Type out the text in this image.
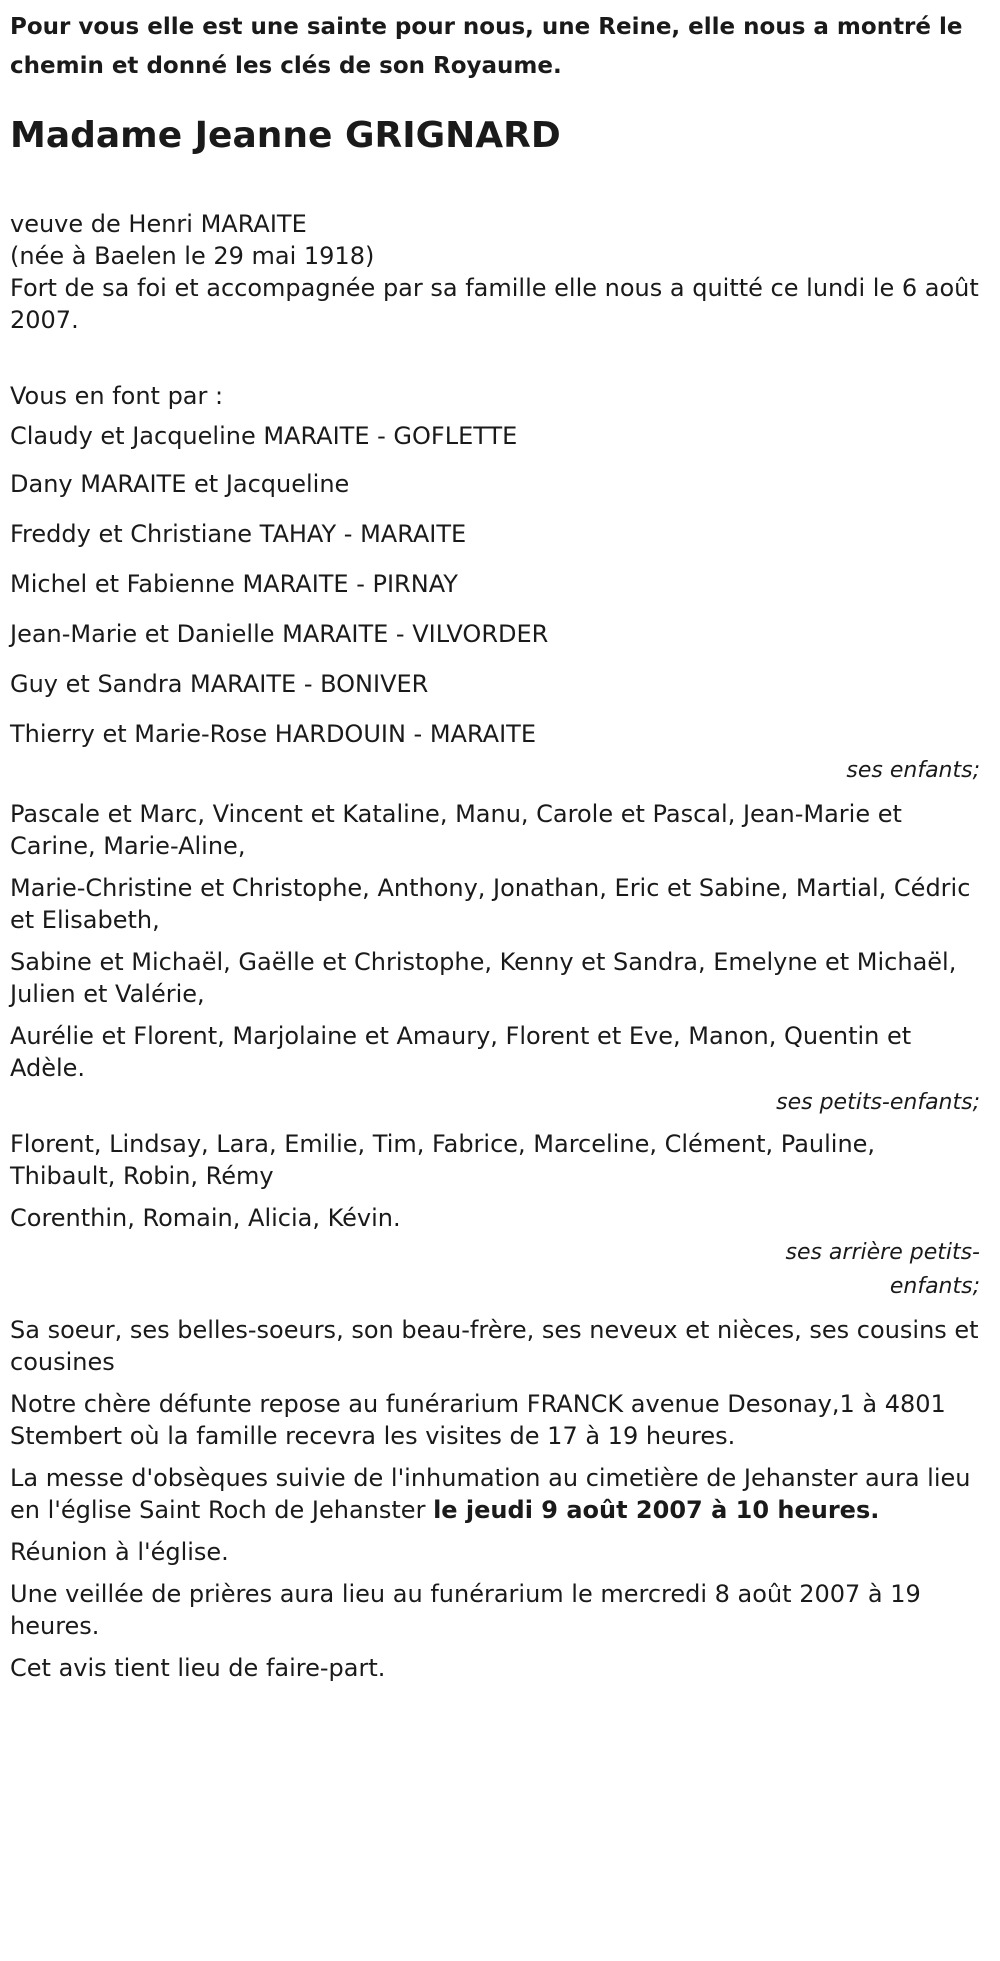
Pour vous elle est une sainte pour nous, une Reine, elle nous a montré le chemin et donné les clés de son Royaume.

Madame Jeanne GRIGNARD

veuve de Henri MARAITE

(née à Baelen le 29 mai 1918)

Fort de sa foi et accompagnée par sa famille elle nous a quitté ce lundi le 6 août 2007.

Vous en font par :

Claudy et Jacqueline MARAITE - GOFLETTE

Dany MARAITE et Jacqueline

Freddy et Christiane TAHAY - MARAITE

Michel et Fabienne MARAITE - PIRNAY

Jean-Marie et Danielle MARAITE - VILVORDER

Guy et Sandra MARAITE - BONIVER

Thierry et Marie-Rose HARDOUIN - MARAITE

ses enfants;

Pascale et Marc, Vincent et Kataline, Manu, Carole et Pascal, Jean-Marie et Carine, Marie-Aline,

Marie-Christine et Christophe, Anthony, Jonathan, Eric et Sabine, Martial, Cédric et Elisabeth,

Sabine et Michaël, Gaëlle et Christophe, Kenny et Sandra, Emelyne et Michaël, Julien et Valérie,

Aurélie et Florent, Marjolaine et Amaury, Florent et Eve, Manon, Quentin et Adèle.

ses petits-enfants;

Florent, Lindsay, Lara, Emilie, Tim, Fabrice, Marceline, Clément, Pauline, Thibault, Robin, Rémy

Corenthin, Romain, Alicia, Kévin.

ses arrière petits-enfants;

Sa soeur, ses belles-soeurs, son beau-frère, ses neveux et nièces, ses cousins et cousines

Notre chère défunte repose au funérarium FRANCK avenue Desonay,1 à 4801 Stembert où la famille recevra les visites de 17 à 19 heures.

La messe d'obsèques suivie de l'inhumation au cimetière de Jehanster aura lieu en l'église Saint Roch de Jehanster le jeudi 9 août 2007 à 10 heures.

Réunion à l'église.

Une veillée de prières aura lieu au funérarium le mercredi 8 août 2007 à 19 heures.

Cet avis tient lieu de faire-part.
